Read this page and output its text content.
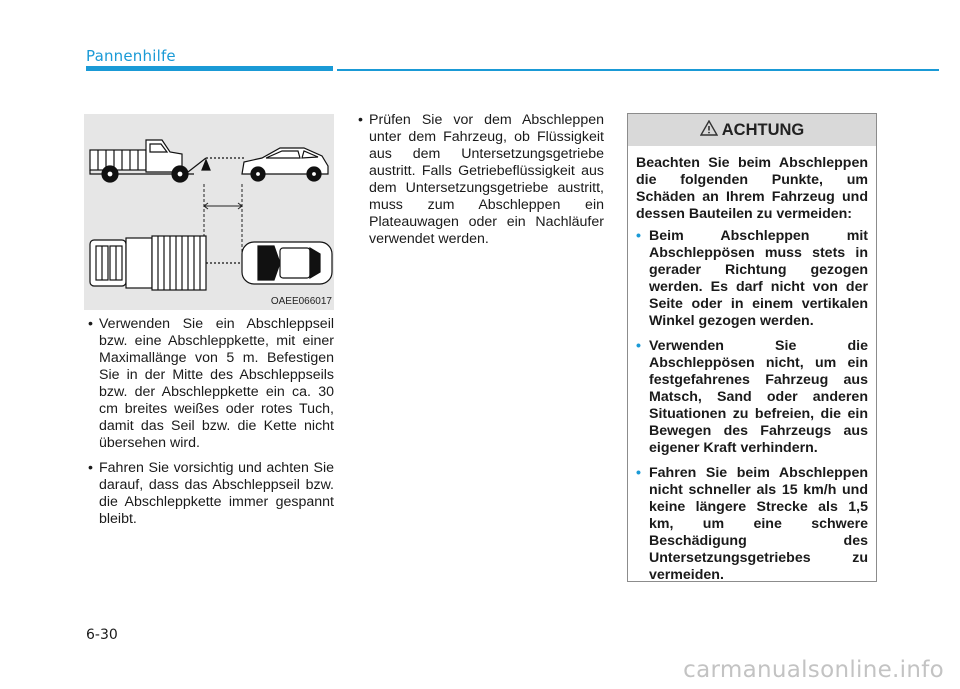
Pannenhilfe
OAEE066017
• Verwenden Sie ein Abschleppseil bzw. eine Abschleppkette, mit einer Maximallänge von 5 m. Befestigen Sie in der Mitte des Abschleppseils bzw. der Abschleppkette ein ca. 30 cm breites weißes oder rotes Tuch, damit das Seil bzw. die Kette nicht übersehen wird.
• Fahren Sie vorsichtig und achten Sie darauf, dass das Abschleppseil bzw. die Abschleppkette immer gespannt bleibt.
• Prüfen Sie vor dem Abschleppen unter dem Fahrzeug, ob Flüssigkeit aus dem Untersetzungsgetriebe austritt. Falls Getriebeflüssigkeit aus dem Untersetzungsgetriebe austritt, muss zum Abschleppen ein Plateauwagen oder ein Nachläufer verwendet werden.
ACHTUNG

Beachten Sie beim Abschleppen die folgenden Punkte, um Schäden an Ihrem Fahrzeug und dessen Bauteilen zu vermeiden:

• Beim Abschleppen mit Abschleppösen muss stets in gerader Richtung gezogen werden. Es darf nicht von der Seite oder in einem vertikalen Winkel gezogen werden.
• Verwenden Sie die Abschleppösen nicht, um ein festgefahrenes Fahrzeug aus Matsch, Sand oder anderen Situationen zu befreien, die ein Bewegen des Fahrzeugs aus eigener Kraft verhindern.
• Fahren Sie beim Abschleppen nicht schneller als 15 km/h und keine längere Strecke als 1,5 km, um eine schwere Beschädigung des Untersetzungsgetriebes zu vermeiden.
6-30
carmanualsonline.info
